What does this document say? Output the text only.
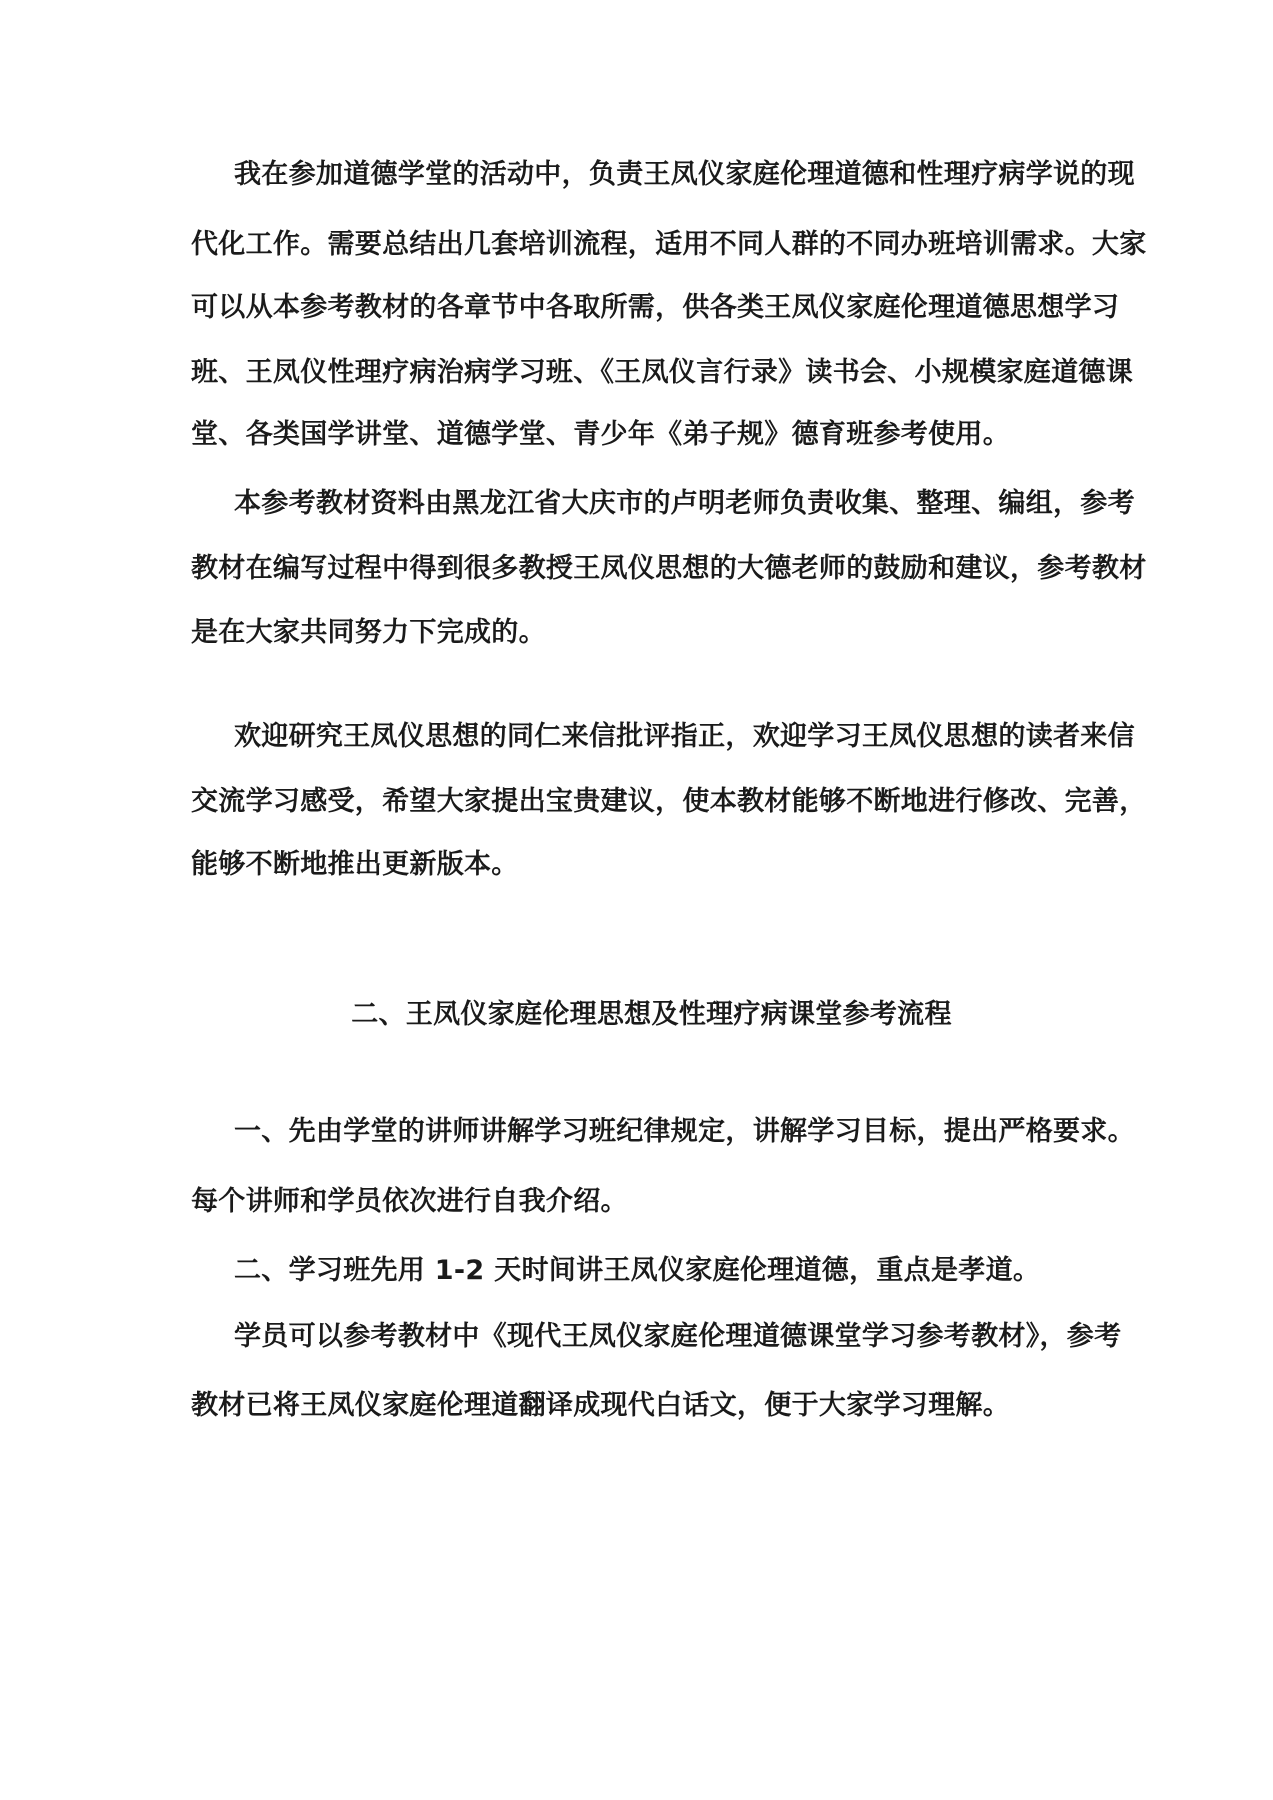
我在参加道德学堂的活动中，负责王凤仪家庭伦理道德和性理疗病学说的现
代化工作。需要总结出几套培训流程，适用不同人群的不同办班培训需求。大家
可以从本参考教材的各章节中各取所需，供各类王凤仪家庭伦理道德思想学习
班、王凤仪性理疗病治病学习班、《王凤仪言行录》读书会、小规模家庭道德课
堂、各类国学讲堂、道德学堂、青少年《弟子规》德育班参考使用。
本参考教材资料由黑龙江省大庆市的卢明老师负责收集、整理、编组，参考
教材在编写过程中得到很多教授王凤仪思想的大德老师的鼓励和建议，参考教材
是在大家共同努力下完成的。
欢迎研究王凤仪思想的同仁来信批评指正，欢迎学习王凤仪思想的读者来信
交流学习感受，希望大家提出宝贵建议，使本教材能够不断地进行修改、完善，
能够不断地推出更新版本。
二、王凤仪家庭伦理思想及性理疗病课堂参考流程
一、先由学堂的讲师讲解学习班纪律规定，讲解学习目标，提出严格要求。
每个讲师和学员依次进行自我介绍。
二、学习班先用 1-2 天时间讲王凤仪家庭伦理道德，重点是孝道。
学员可以参考教材中《现代王凤仪家庭伦理道德课堂学习参考教材》，参考
教材已将王凤仪家庭伦理道翻译成现代白话文，便于大家学习理解。
